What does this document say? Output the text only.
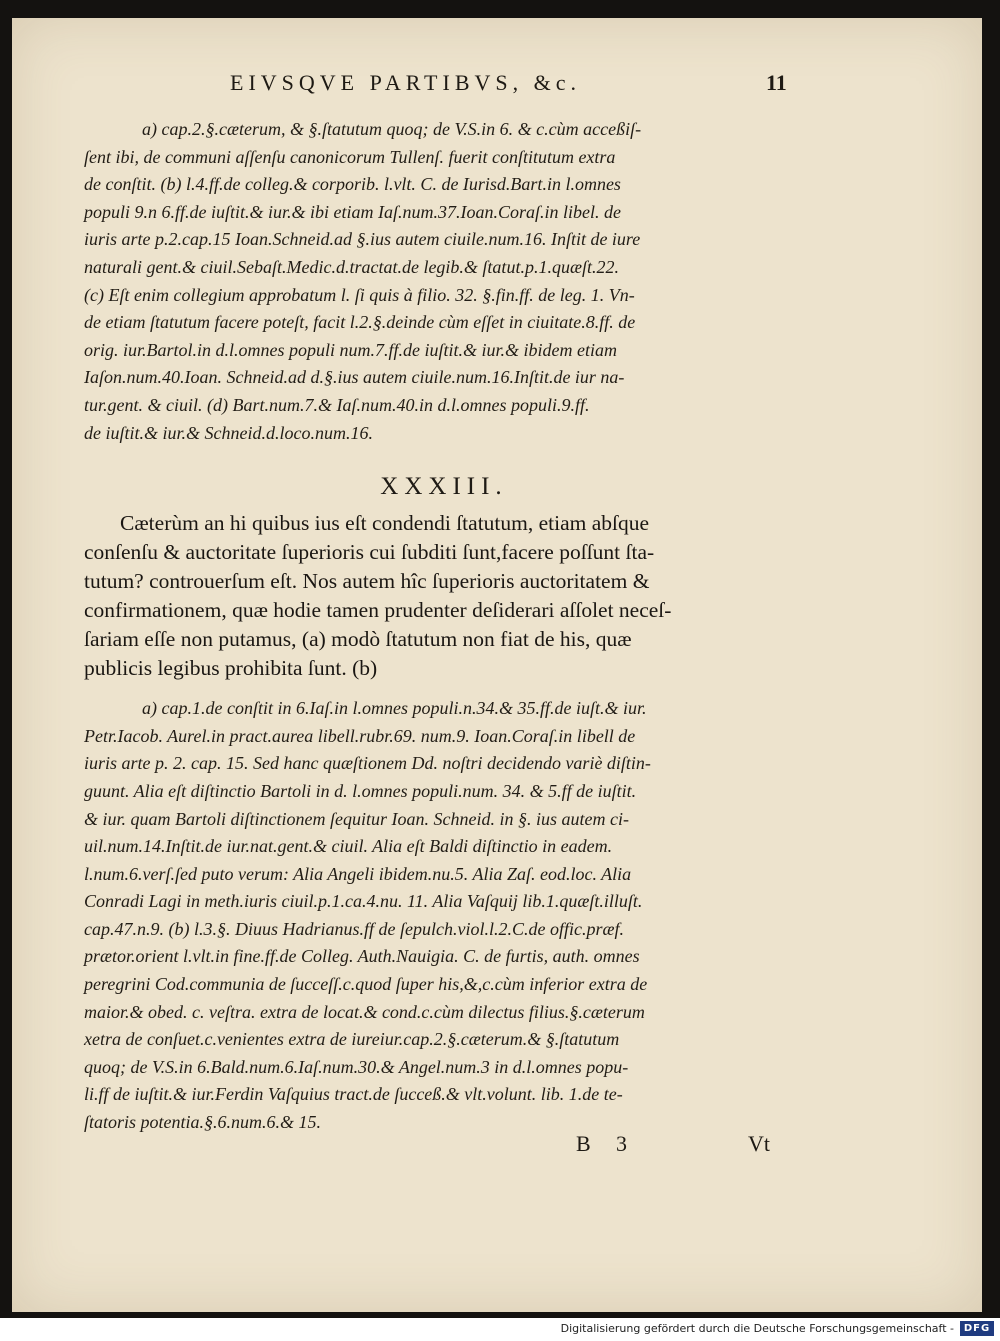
EIVSQVE PARTIBVS, &c.	11
a) cap.2.§.cæterum, & §.ſtatutum quoq; de V.S.in 6. & c.cùm acceßiſ-
ſent ibi, de communi aſſenſu canonicorum Tullenſ. fuerit conſtitutum extra
de conſtit. (b) l.4.ff.de colleg.& corporib. l.vlt. C. de Iurisd.Bart.in l.omnes
populi 9.n 6.ff.de iuſtit.& iur.& ibi etiam Iaſ.num.37.Ioan.Coraſ.in libel. de
iuris arte p.2.cap.15 Ioan.Schneid.ad §.ius autem ciuile.num.16. Inſtit de iure
naturali gent.& ciuil.Sebaſt.Medic.d.tractat.de legib.& ſtatut.p.1.quæſt.22.
(c) Eſt enim collegium approbatum l. ſi quis à filio. 32. §.fin.ff. de leg. 1. Vn-
de etiam ſtatutum facere poteſt, facit l.2.§.deinde cùm eſſet in ciuitate.8.ff. de
orig. iur.Bartol.in d.l.omnes populi num.7.ff.de iuſtit.& iur.& ibidem etiam
Iaſon.num.40.Ioan. Schneid.ad d.§.ius autem ciuile.num.16.Inſtit.de iur na-
tur.gent. & ciuil. (d) Bart.num.7.& Iaſ.num.40.in d.l.omnes populi.9.ff.
de iuſtit.& iur.& Schneid.d.loco.num.16.
XXXIII.
Cæterùm an hi quibus ius eſt condendi ſtatutum, etiam abſque
conſenſu & auctoritate ſuperioris cui ſubditi ſunt,facere poſſunt ſta-
tutum? controuerſum eſt. Nos autem hîc ſuperioris auctoritatem &
confirmationem, quæ hodie tamen prudenter deſiderari aſſolet neceſ-
ſariam eſſe non putamus, (a) modò ſtatutum non fiat de his, quæ
publicis legibus prohibita ſunt. (b)
a) cap.1.de conſtit in 6.Iaſ.in l.omnes populi.n.34.& 35.ff.de iuſt.& iur.
Petr.Iacob. Aurel.in pract.aurea libell.rubr.69. num.9. Ioan.Coraſ.in libell de
iuris arte p. 2. cap. 15. Sed hanc quæſtionem Dd. noſtri decidendo variè diſtin-
guunt. Alia eſt diſtinctio Bartoli in d. l.omnes populi.num. 34. & 5.ff de iuſtit.
& iur. quam Bartoli diſtinctionem ſequitur Ioan. Schneid. in §. ius autem ci-
uil.num.14.Inſtit.de iur.nat.gent.& ciuil. Alia eſt Baldi diſtinctio in eadem.
l.num.6.verſ.ſed puto verum: Alia Angeli ibidem.nu.5. Alia Zaſ. eod.loc. Alia
Conradi Lagi in meth.iuris ciuil.p.1.ca.4.nu. 11. Alia Vaſquij lib.1.quæſt.illuſt.
cap.47.n.9. (b) l.3.§. Diuus Hadrianus.ff de ſepulch.viol.l.2.C.de offic.præf.
prætor.orient l.vlt.in fine.ff.de Colleg. Auth.Nauigia. C. de furtis, auth. omnes
peregrini Cod.communia de ſucceſſ.c.quod ſuper his,&,c.cùm inferior extra de
maior.& obed. c. veſtra. extra de locat.& cond.c.cùm dilectus filius.§.cæterum
xetra de conſuet.c.venientes extra de iureiur.cap.2.§.cæterum.& §.ſtatutum
quoq; de V.S.in 6.Bald.num.6.Iaſ.num.30.& Angel.num.3 in d.l.omnes popu-
li.ff de iuſtit.& iur.Ferdin Vaſquius tract.de ſucceß.& vlt.volunt. lib. 1.de te-
ſtatoris potentia.§.6.num.6.& 15.
B 3	Vt
Digitalisierung gefördert durch die Deutsche Forschungsgemeinschaft - DFG
